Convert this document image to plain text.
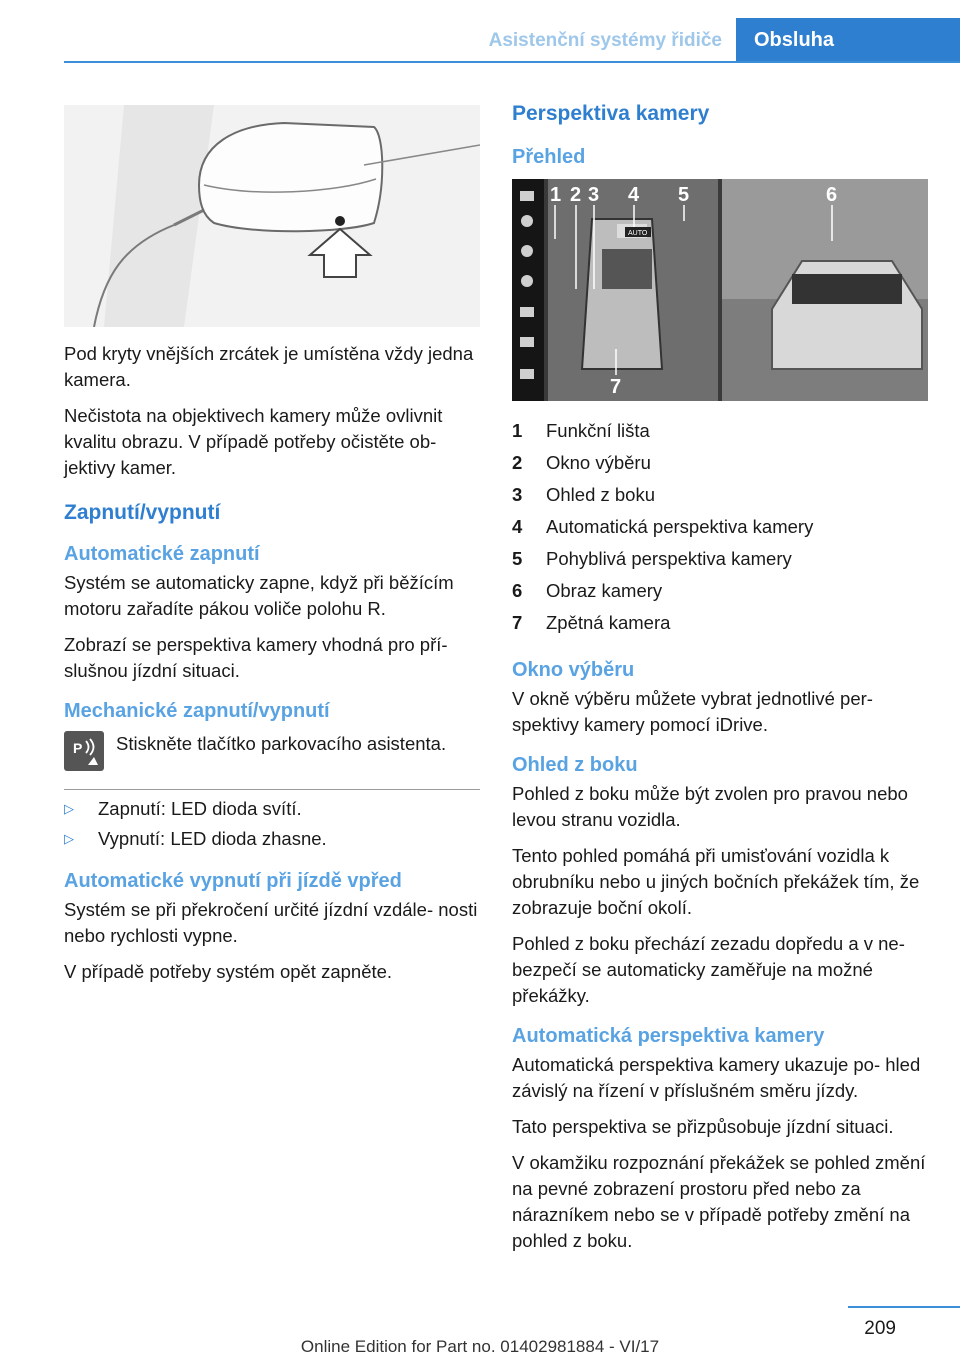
Asistenční systémy řidiče	Obsluha

Pod kryty vnějších zrcátek je umístěna vždy jedna kamera.

Nečistota na objektivech kamery může ovlivnit kvalitu obrazu. V případě potřeby očistěte ob‐ jektivy kamer.

Zapnutí/vypnutí
Automatické zapnutí

Systém se automaticky zapne, když při běžícím motoru zařadíte pákou voliče polohu R.

Zobrazí se perspektiva kamery vhodná pro pří‐ slušnou jízdní situaci.

Mechanické zapnutí/vypnutí
P Stiskněte tlačítko parkovacího asistenta.
▷	Zapnutí: LED dioda svítí.
▷	Vypnutí: LED dioda zhasne.
Automatické vypnutí při jízdě vpřed

Systém se při překročení určité jízdní vzdále‐ nosti nebo rychlosti vypne.

V případě potřeby systém opět zapněte.

Perspektiva kamery
Přehled
1 2 3 4 5	6
7
AUTO
1	Funkční lišta
2	Okno výběru
3	Ohled z boku
4	Automatická perspektiva kamery
5	Pohyblivá perspektiva kamery
6	Obraz kamery
7	Zpětná kamera
Okno výběru

V okně výběru můžete vybrat jednotlivé per‐ spektivy kamery pomocí iDrive.

Ohled z boku

Pohled z boku může být zvolen pro pravou nebo levou stranu vozidla.

Tento pohled pomáhá při umisťování vozidla k obrubníku nebo u jiných bočních překážek tím, že zobrazuje boční okolí.

Pohled z boku přechází zezadu dopředu a v ne‐ bezpečí se automaticky zaměřuje na možné překážky.

Automatická perspektiva kamery

Automatická perspektiva kamery ukazuje po‐ hled závislý na řízení v příslušném směru jízdy.

Tato perspektiva se přizpůsobuje jízdní situaci.

V okamžiku rozpoznání překážek se pohled změní na pevné zobrazení prostoru před nebo za nárazníkem nebo se v případě potřeby změní na pohled z boku.

209
Online Edition for Part no. 01402981884 - VI/17
